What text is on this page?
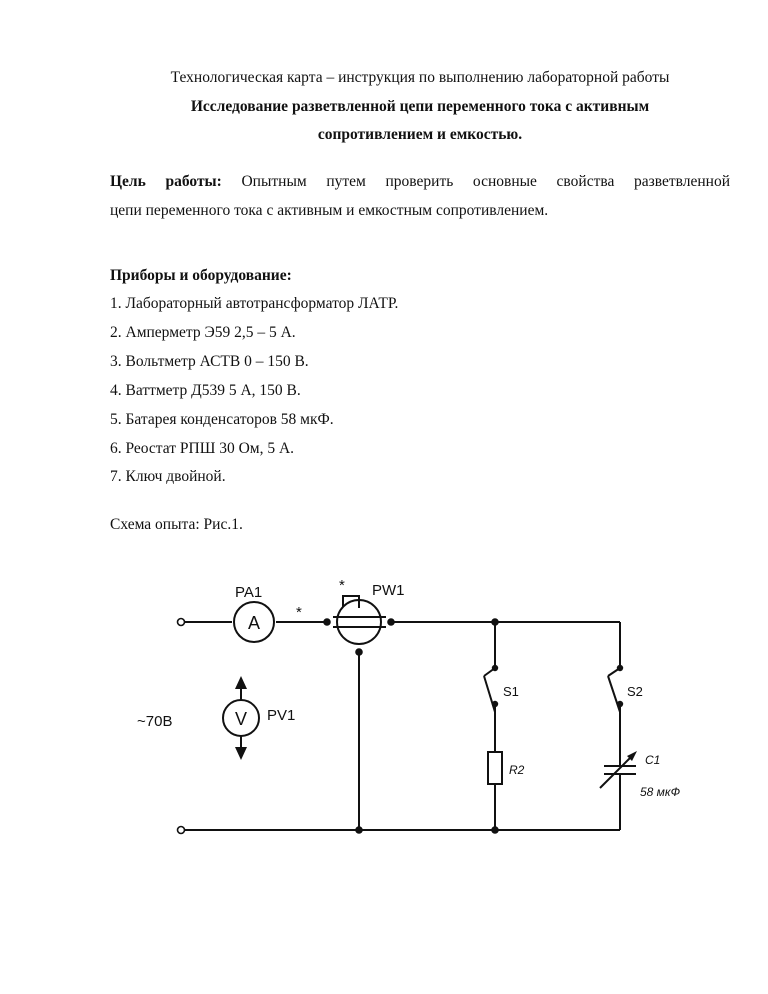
Технологическая карта – инструкция по выполнению лабораторной работы
Исследование разветвленной цепи переменного тока с активным
сопротивлением и емкостью.
Цель работы: Опытным путем проверить основные свойства разветвленной
цепи переменного тока с активным и емкостным сопротивлением.
Приборы и оборудование:
1. Лабораторный автотрансформатор ЛАТР.
2. Амперметр Э59 2,5 – 5 А.
3. Вольтметр АСТВ 0 – 150 В.
4. Ваттметр Д539 5 А, 150 В.
5. Батарея конденсаторов 58 мкФ.
6. Реостат РПШ 30 Ом, 5 А.
7. Ключ двойной.
Схема опыта: Рис.1.
PA1
A
*
* PW1
V PV1
~70В
S1	S2
R2
C1
58 мкФ
